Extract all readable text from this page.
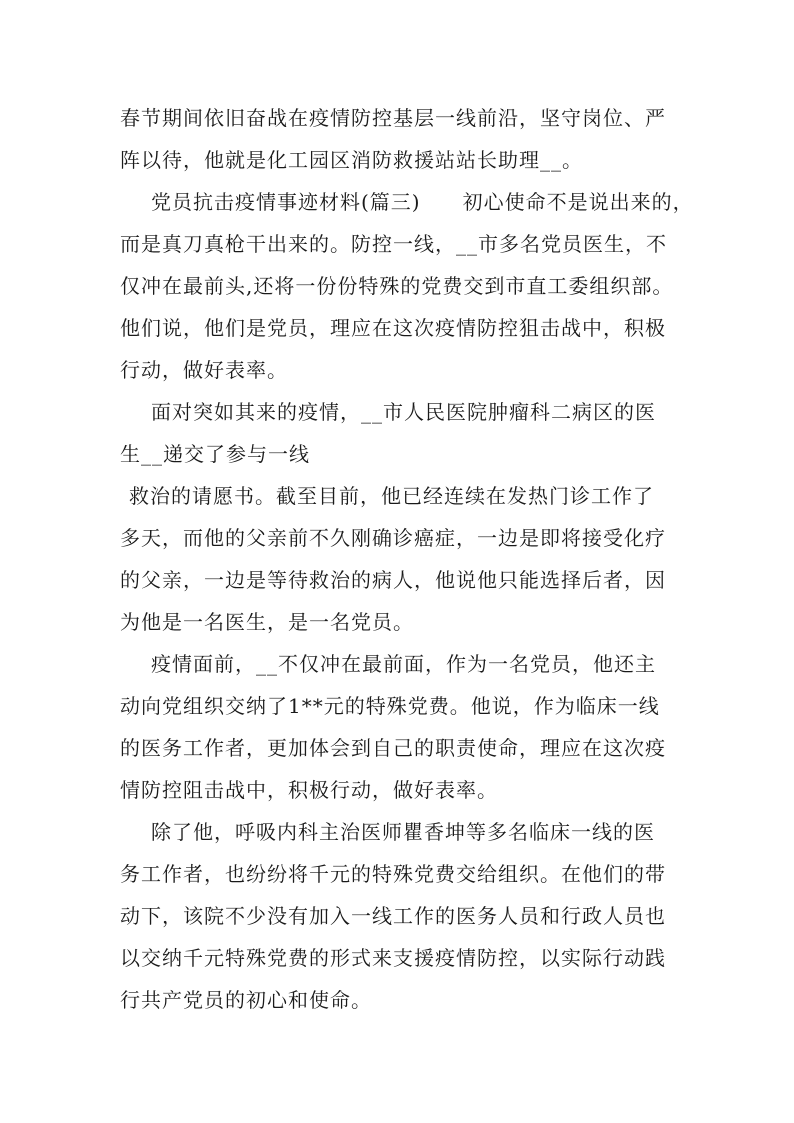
春节期间依旧奋战在疫情防控基层一线前沿，坚守岗位、严

阵以待，他就是化工园区消防救援站站长助理__。

党员抗击疫情事迹材料(篇三)　　初心使命不是说出来的，

而是真刀真枪干出来的。防控一线，__市多名党员医生，不

仅冲在最前头,还将一份份特殊的党费交到市直工委组织部。

他们说，他们是党员，理应在这次疫情防控狙击战中，积极

行动，做好表率。

面对突如其来的疫情，__市人民医院肿瘤科二病区的医

生__递交了参与一线

救治的请愿书。截至目前，他已经连续在发热门诊工作了

多天，而他的父亲前不久刚确诊癌症，一边是即将接受化疗

的父亲，一边是等待救治的病人，他说他只能选择后者，因

为他是一名医生，是一名党员。

疫情面前，__不仅冲在最前面，作为一名党员，他还主

动向党组织交纳了1**元的特殊党费。他说，作为临床一线

的医务工作者，更加体会到自己的职责使命，理应在这次疫

情防控阻击战中，积极行动，做好表率。

除了他，呼吸内科主治医师瞿香坤等多名临床一线的医

务工作者，也纷纷将千元的特殊党费交给组织。在他们的带

动下，该院不少没有加入一线工作的医务人员和行政人员也

以交纳千元特殊党费的形式来支援疫情防控，以实际行动践

行共产党员的初心和使命。
